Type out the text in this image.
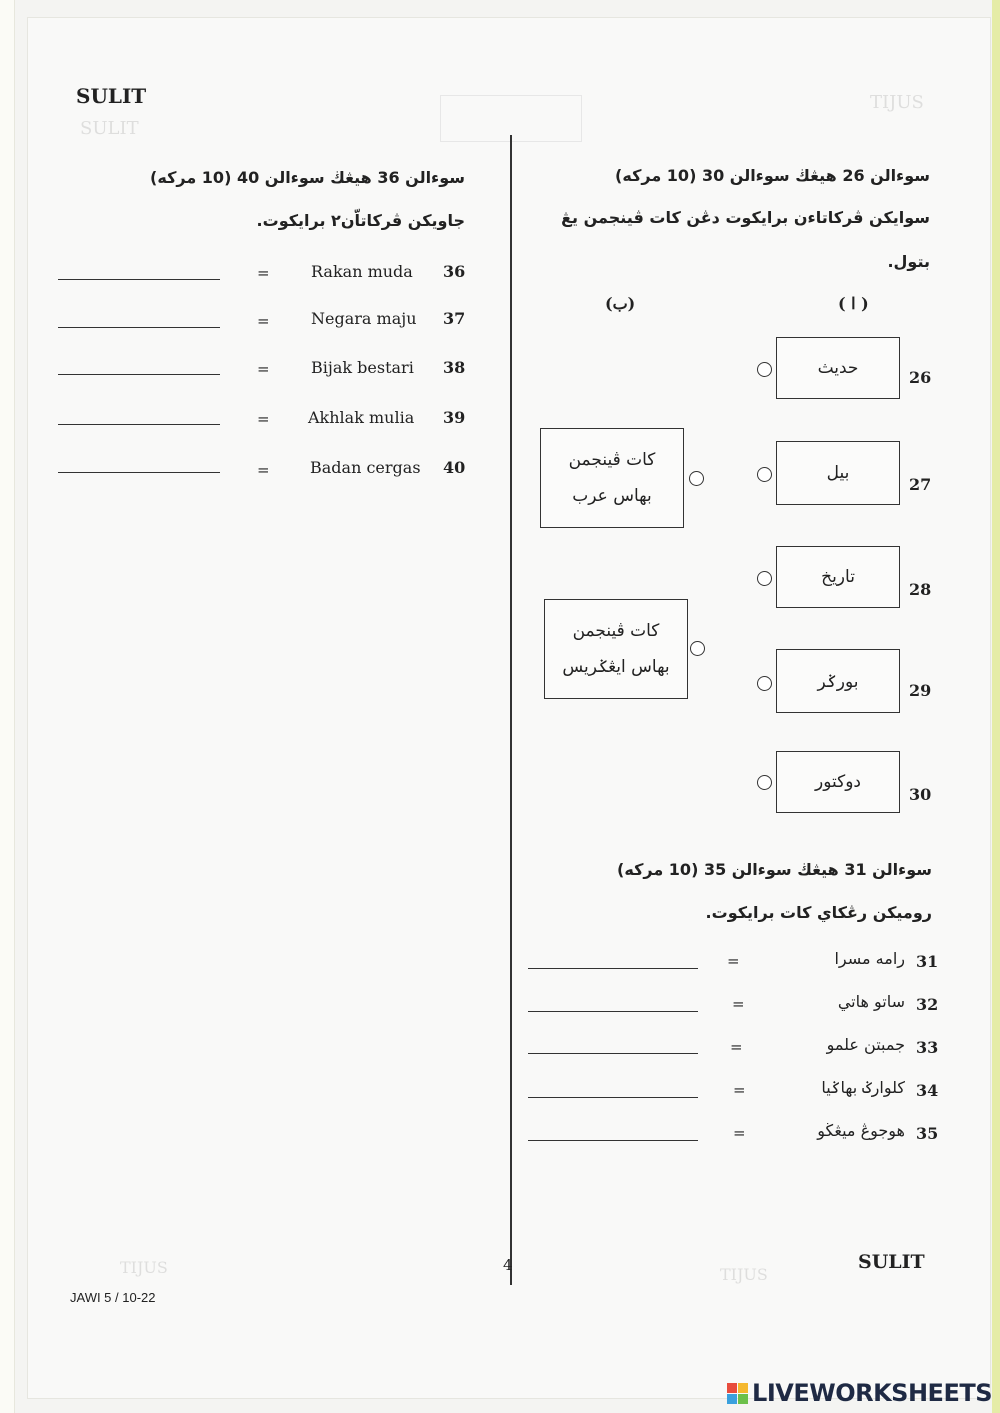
TIJUS
SULIT
TIJUS	TIJUS
SULIT
سوءالن 36 هيڠڬ سوءالن 40 (10 مركه)
جاويكن ڤركاتاّن٢ برايكوت.
=	Rakan muda 36
=	Negara maju 37
=	Bijak bestari 38
= Akhlak mulia 39
=	Badan cergas 40
سوءالن 26 هيڠڬ سوءالن 30 (10 مركه)
سوايكن ڤركاتاءن برايكوت دڠن كات ڤينجمن يڠ
بتول.
( ا )
(ب)
حديث	26
بيل
27
تاريخ
28
بورݢر	29
دوكتور
30
كات ڤينجمن
بهاس عرب
كات ڤينجمن
بهاس ايڠݢريس
سوءالن 31 هيڠڬ سوءالن 35 (10 مركه)
روميكن رڠكاي كات برايكوت.
=	رامه مسرا 31
=	ساتو هاتي 32
=	جمبتن علمو 33
=	كلوارݢ بهاݢيا 34
=	هوجوڠ ميڠڬو 35
4	SULIT
JAWI 5 / 10-22
LIVEWORKSHEETS
